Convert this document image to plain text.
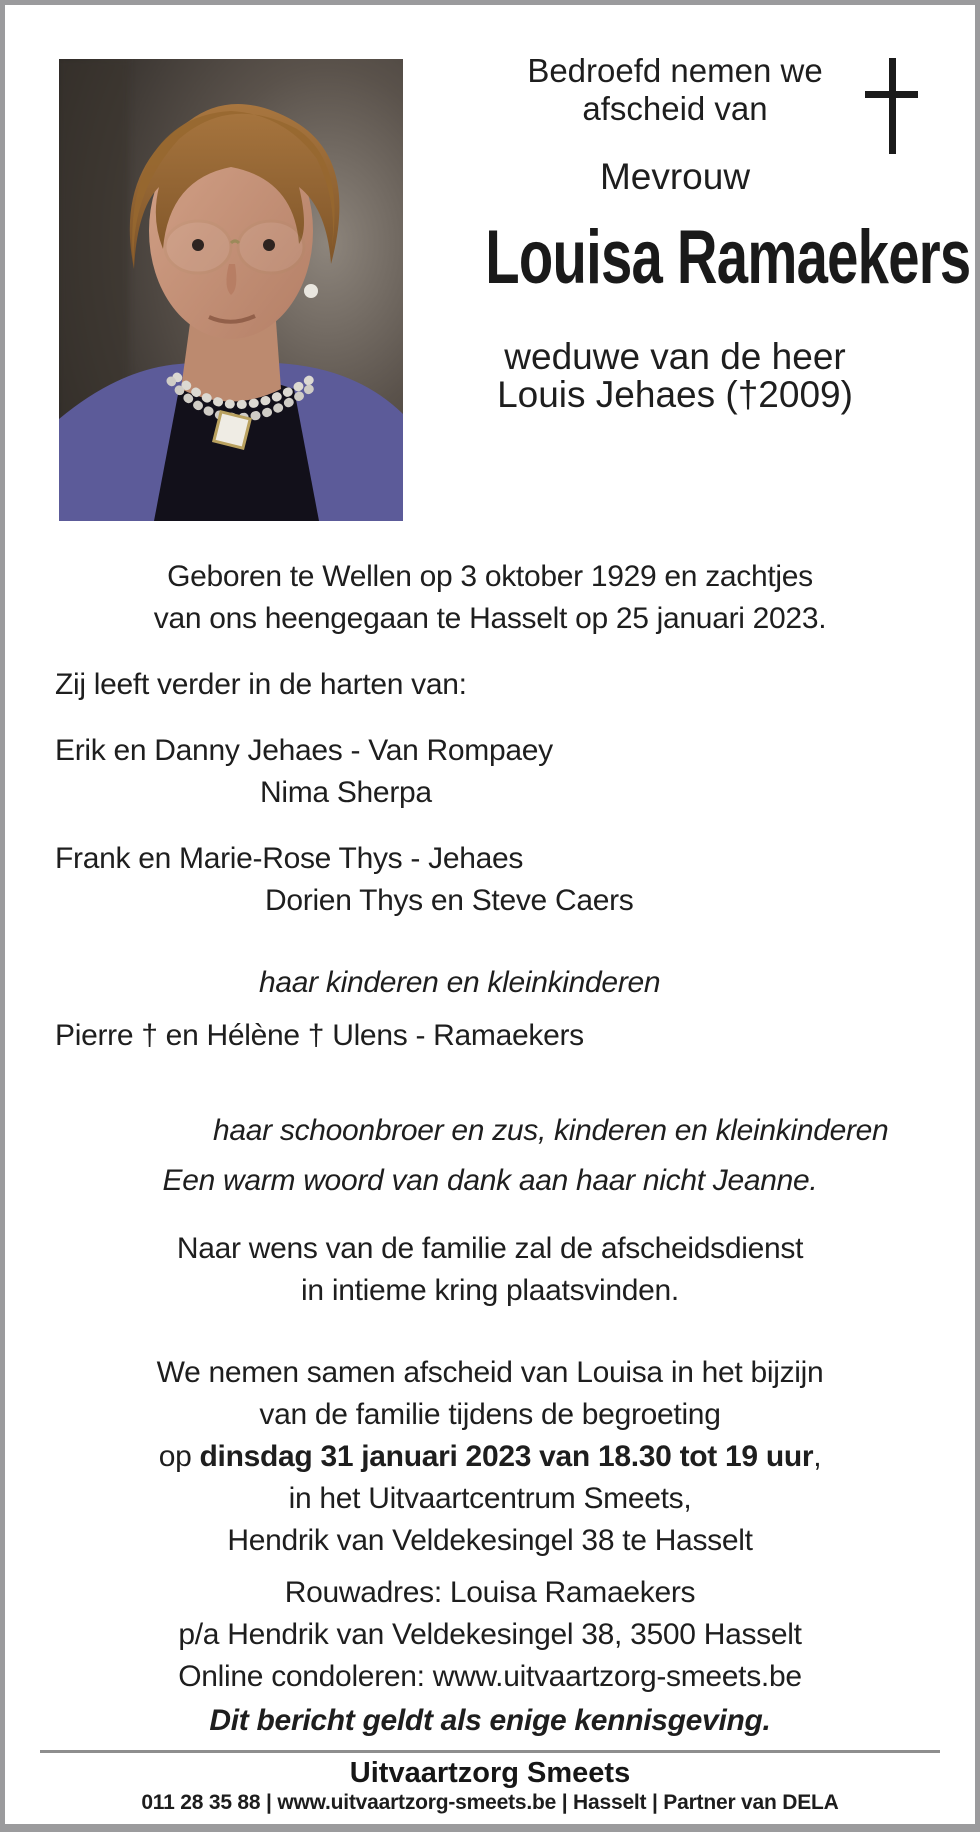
Bedroefd nemen we
afscheid van
Mevrouw
Louisa Ramaekers
weduwe van de heer
Louis Jehaes (†2009)
Geboren te Wellen op 3 oktober 1929 en zachtjes
van ons heengegaan te Hasselt op 25 januari 2023.
Zij leeft verder in de harten van:
Erik en Danny Jehaes - Van Rompaey
Nima Sherpa
Frank en Marie-Rose Thys - Jehaes
Dorien Thys en Steve Caers
haar kinderen en kleinkinderen
Pierre † en Hélène † Ulens - Ramaekers
haar schoonbroer en zus, kinderen en kleinkinderen
Een warm woord van dank aan haar nicht Jeanne.
Naar wens van de familie zal de afscheidsdienst
in intieme kring plaatsvinden.
We nemen samen afscheid van Louisa in het bijzijn
van de familie tijdens de begroeting
op dinsdag 31 januari 2023 van 18.30 tot 19 uur,
in het Uitvaartcentrum Smeets,
Hendrik van Veldekesingel 38 te Hasselt
Rouwadres: Louisa Ramaekers
p/a Hendrik van Veldekesingel 38, 3500 Hasselt
Online condoleren: www.uitvaartzorg-smeets.be
Dit bericht geldt als enige kennisgeving.
Uitvaartzorg Smeets
011 28 35 88 | www.uitvaartzorg-smeets.be | Hasselt | Partner van DELA
